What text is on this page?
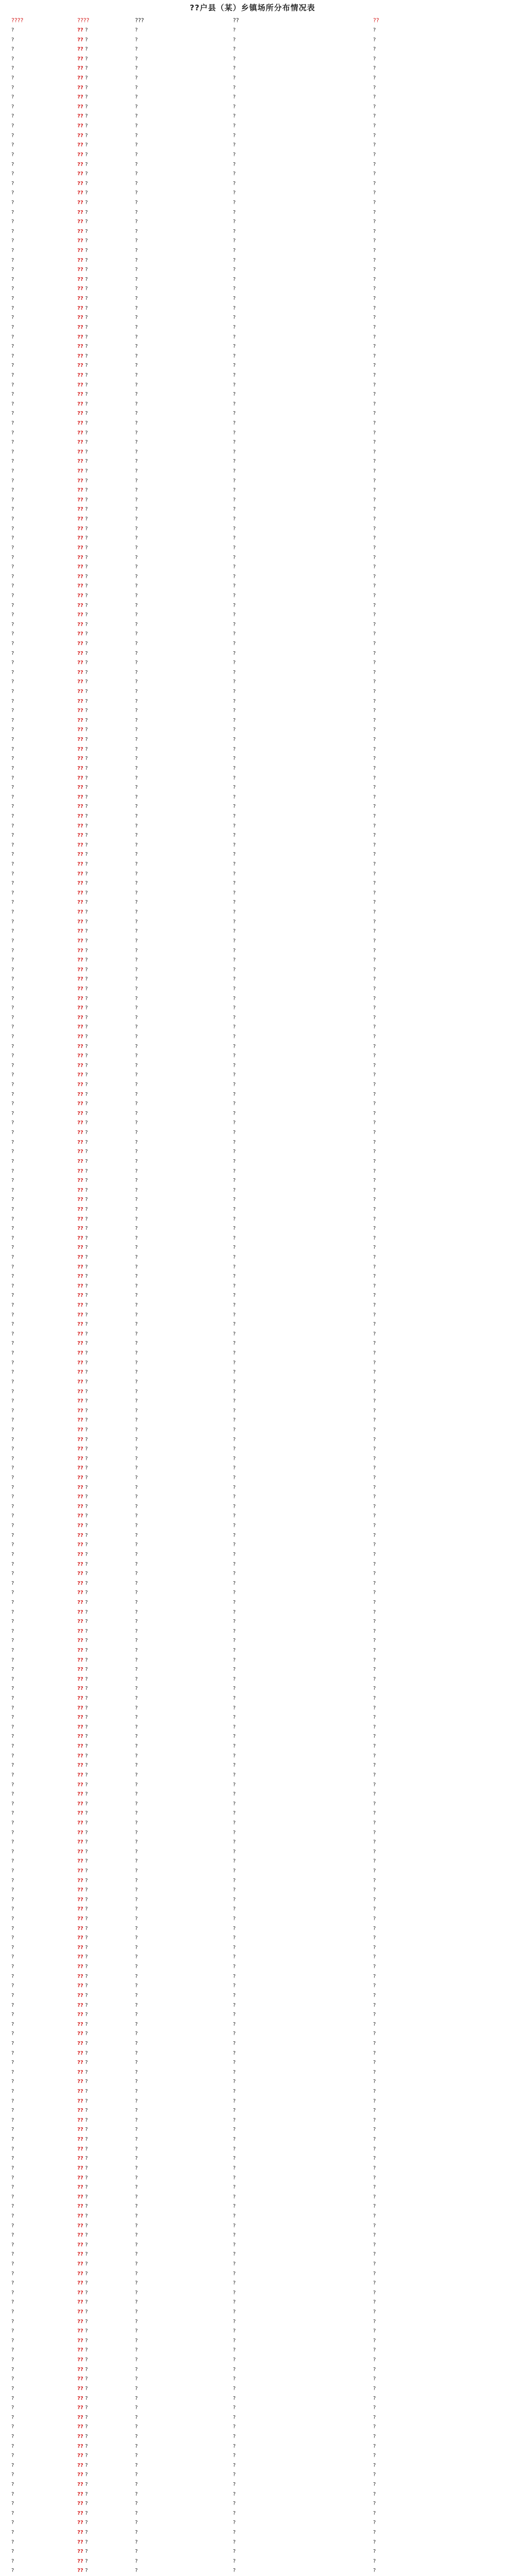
??户县（某）乡镇场所分布情况表
????	????	???	??	??
?	?? ?	?	?	?
?	?? ?	?	?	?
?	?? ?	?	?	?
?	?? ?	?	?	?
?	?? ?	?	?	?
?	?? ?	?	?	?
?	?? ?	?	?	?
?	?? ?	?	?	?
?	?? ?	?	?	?
?	?? ?	?	?	?
?	?? ?	?	?	?
?	?? ?	?	?	?
?	?? ?	?	?	?
?	?? ?	?	?	?
?	?? ?	?	?	?
?	?? ?	?	?	?
?	?? ?	?	?	?
?	?? ?	?	?	?
?	?? ?	?	?	?
?	?? ?	?	?	?
?	?? ?	?	?	?
?	?? ?	?	?	?
?	?? ?	?	?	?
?	?? ?	?	?	?
?	?? ?	?	?	?
?	?? ?	?	?	?
?	?? ?	?	?	?
?	?? ?	?	?	?
?	?? ?	?	?	?
?	?? ?	?	?	?
?	?? ?	?	?	?
?	?? ?	?	?	?
?	?? ?	?	?	?
?	?? ?	?	?	?
?	?? ?	?	?	?
?	?? ?	?	?	?
?	?? ?	?	?	?
?	?? ?	?	?	?
?	?? ?	?	?	?
?	?? ?	?	?	?
?	?? ?	?	?	?
?	?? ?	?	?	?
?	?? ?	?	?	?
?	?? ?	?	?	?
?	?? ?	?	?	?
?	?? ?	?	?	?
?	?? ?	?	?	?
?	?? ?	?	?	?
?	?? ?	?	?	?
?	?? ?	?	?	?
?	?? ?	?	?	?
?	?? ?	?	?	?
?	?? ?	?	?	?
?	?? ?	?	?	?
?	?? ?	?	?	?
?	?? ?	?	?	?
?	?? ?	?	?	?
?	?? ?	?	?	?
?	?? ?	?	?	?
?	?? ?	?	?	?
?	?? ?	?	?	?
?	?? ?	?	?	?
?	?? ?	?	?	?
?	?? ?	?	?	?
?	?? ?	?	?	?
?	?? ?	?	?	?
?	?? ?	?	?	?
?	?? ?	?	?	?
?	?? ?	?	?	?
?	?? ?	?	?	?
?	?? ?	?	?	?
?	?? ?	?	?	?
?	?? ?	?	?	?
?	?? ?	?	?	?
?	?? ?	?	?	?
?	?? ?	?	?	?
?	?? ?	?	?	?
?	?? ?	?	?	?
?	?? ?	?	?	?
?	?? ?	?	?	?
?	?? ?	?	?	?
?	?? ?	?	?	?
?	?? ?	?	?	?
?	?? ?	?	?	?
?	?? ?	?	?	?
?	?? ?	?	?	?
?	?? ?	?	?	?
?	?? ?	?	?	?
?	?? ?	?	?	?
?	?? ?	?	?	?
?	?? ?	?	?	?
?	?? ?	?	?	?
?	?? ?	?	?	?
?	?? ?	?	?	?
?	?? ?	?	?	?
?	?? ?	?	?	?
?	?? ?	?	?	?
?	?? ?	?	?	?
?	?? ?	?	?	?
?	?? ?	?	?	?
?	?? ?	?	?	?
?	?? ?	?	?	?
?	?? ?	?	?	?
?	?? ?	?	?	?
?	?? ?	?	?	?
?	?? ?	?	?	?
?	?? ?	?	?	?
?	?? ?	?	?	?
?	?? ?	?	?	?
?	?? ?	?	?	?
?	?? ?	?	?	?
?	?? ?	?	?	?
?	?? ?	?	?	?
?	?? ?	?	?	?
?	?? ?	?	?	?
?	?? ?	?	?	?
?	?? ?	?	?	?
?	?? ?	?	?	?
?	?? ?	?	?	?
?	?? ?	?	?	?
?	?? ?	?	?	?
?	?? ?	?	?	?
?	?? ?	?	?	?
?	?? ?	?	?	?
?	?? ?	?	?	?
?	?? ?	?	?	?
?	?? ?	?	?	?
?	?? ?	?	?	?
?	?? ?	?	?	?
?	?? ?	?	?	?
?	?? ?	?	?	?
?	?? ?	?	?	?
?	?? ?	?	?	?
?	?? ?	?	?	?
?	?? ?	?	?	?
?	?? ?	?	?	?
?	?? ?	?	?	?
?	?? ?	?	?	?
?	?? ?	?	?	?
?	?? ?	?	?	?
?	?? ?	?	?	?
?	?? ?	?	?	?
?	?? ?	?	?	?
?	?? ?	?	?	?
?	?? ?	?	?	?
?	?? ?	?	?	?
?	?? ?	?	?	?
?	?? ?	?	?	?
?	?? ?	?	?	?
?	?? ?	?	?	?
?	?? ?	?	?	?
?	?? ?	?	?	?
?	?? ?	?	?	?
?	?? ?	?	?	?
?	?? ?	?	?	?
?	?? ?	?	?	?
?	?? ?	?	?	?
?	?? ?	?	?	?
?	?? ?	?	?	?
?	?? ?	?	?	?
?	?? ?	?	?	?
?	?? ?	?	?	?
?	?? ?	?	?	?
?	?? ?	?	?	?
?	?? ?	?	?	?
?	?? ?	?	?	?
?	?? ?	?	?	?
?	?? ?	?	?	?
?	?? ?	?	?	?
?	?? ?	?	?	?
?	?? ?	?	?	?
?	?? ?	?	?	?
?	?? ?	?	?	?
?	?? ?	?	?	?
?	?? ?	?	?	?
?	?? ?	?	?	?
?	?? ?	?	?	?
?	?? ?	?	?	?
?	?? ?	?	?	?
?	?? ?	?	?	?
?	?? ?	?	?	?
?	?? ?	?	?	?
?	?? ?	?	?	?
?	?? ?	?	?	?
?	?? ?	?	?	?
?	?? ?	?	?	?
?	?? ?	?	?	?
?	?? ?	?	?	?
?	?? ?	?	?	?
?	?? ?	?	?	?
?	?? ?	?	?	?
?	?? ?	?	?	?
?	?? ?	?	?	?
?	?? ?	?	?	?
?	?? ?	?	?	?
?	?? ?	?	?	?
?	?? ?	?	?	?
?	?? ?	?	?	?
?	?? ?	?	?	?
?	?? ?	?	?	?
?	?? ?	?	?	?
?	?? ?	?	?	?
?	?? ?	?	?	?
?	?? ?	?	?	?
?	?? ?	?	?	?
?	?? ?	?	?	?
?	?? ?	?	?	?
?	?? ?	?	?	?
?	?? ?	?	?	?
?	?? ?	?	?	?
?	?? ?	?	?	?
?	?? ?	?	?	?
?	?? ?	?	?	?
?	?? ?	?	?	?
?	?? ?	?	?	?
?	?? ?	?	?	?
?	?? ?	?	?	?
?	?? ?	?	?	?
?	?? ?	?	?	?
?	?? ?	?	?	?
?	?? ?	?	?	?
?	?? ?	?	?	?
?	?? ?	?	?	?
?	?? ?	?	?	?
?	?? ?	?	?	?
?	?? ?	?	?	?
?	?? ?	?	?	?
?	?? ?	?	?	?
?	?? ?	?	?	?
?	?? ?	?	?	?
?	?? ?	?	?	?
?	?? ?	?	?	?
?	?? ?	?	?	?
?	?? ?	?	?	?
?	?? ?	?	?	?
?	?? ?	?	?	?
?	?? ?	?	?	?
?	?? ?	?	?	?
?	?? ?	?	?	?
?	?? ?	?	?	?
?	?? ?	?	?	?
?	?? ?	?	?	?
?	?? ?	?	?	?
?	?? ?	?	?	?
?	?? ?	?	?	?
?	?? ?	?	?	?
?	?? ?	?	?	?
?	?? ?	?	?	?
?	?? ?	?	?	?
?	?? ?	?	?	?
?	?? ?	?	?	?
?	?? ?	?	?	?
?	?? ?	?	?	?
?	?? ?	?	?	?
?	?? ?	?	?	?
?	?? ?	?	?	?
?	?? ?	?	?	?
?	?? ?	?	?	?
?	?? ?	?	?	?
?	?? ?	?	?	?
?	?? ?	?	?	?
?	?? ?	?	?	?
?	?? ?	?	?	?
?	?? ?	?	?	?
?	?? ?	?	?	?
?	?? ?	?	?	?
